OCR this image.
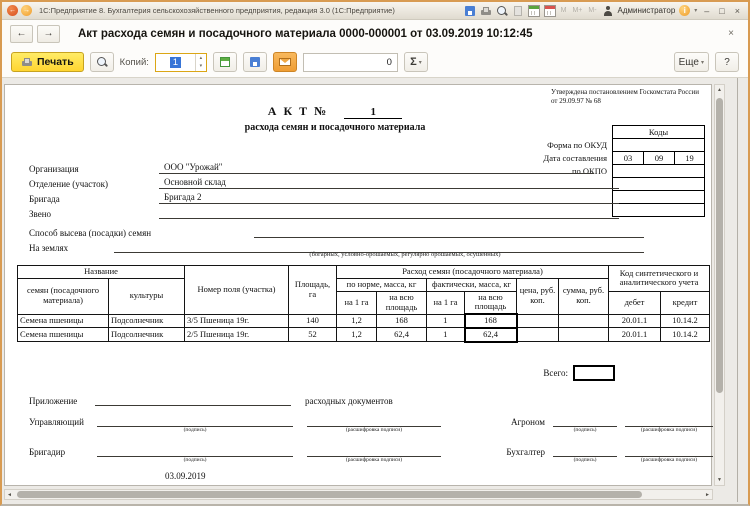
← → 1С:Предприятие 8. Бухгалтерия сельскохозяйственного предприятия, редакция 3.0 (1С:Предприятие)	М М+ М-	Администратор	i	▾ –	□	×
←	→	Акт расхода семян и посадочного материала 0000-000001 от 03.09.2019 10:12:45	×
Печать	Копий:	1	▴
▾	0	Σ ▾	Еще ▾	?
Утверждена постановлением Госкомстата России
от 29.09.97 № 68
А К Т №	1
расхода семян и посадочного материала	Коды

03	09	19

Форма по ОКУД
Дата составления
по ОКПО
Организация	ООО "Урожай"
Отделение (участок)	Основной склад
Бригада	Бригада 2
Звено
Способ высева (посадки) семян
На землях
(богарных, условно-орошаемых, регулярно орошаемых, осушенных)
Название		Номер поля (участка)	Площадь, га	Расход семян (посадочного материала)						Код синтетического и аналитического учета	
семян (посадочного материала)	культуры			по норме, масса, кг		фактически, масса, кг		цена, руб. коп.	сумма, руб. коп.		
				на 1 га	на всю площадь	на 1 га	на всю площадь			дебет	кредит
Семена пшеницы	Подсолнечник	3/5 Пшеница 19г.	140	1,2	168	1	168			20.01.1	10.14.2
Семена пшеницы	Подсолнечник	2/5 Пшеница 19г.	52	1,2	62,4	1	62,4			20.01.1	10.14.2
Всего:
Приложение	расходных документов
Управляющий
(подпись)	(расшифровка подписи)
Агроном
(подпись)	(расшифровка подписи)
Бригадир
(подпись)	(расшифровка подписи)
Бухгалтер
(подпись)	(расшифровка подписи)
03.09.2019
▲
▼
◄	►
